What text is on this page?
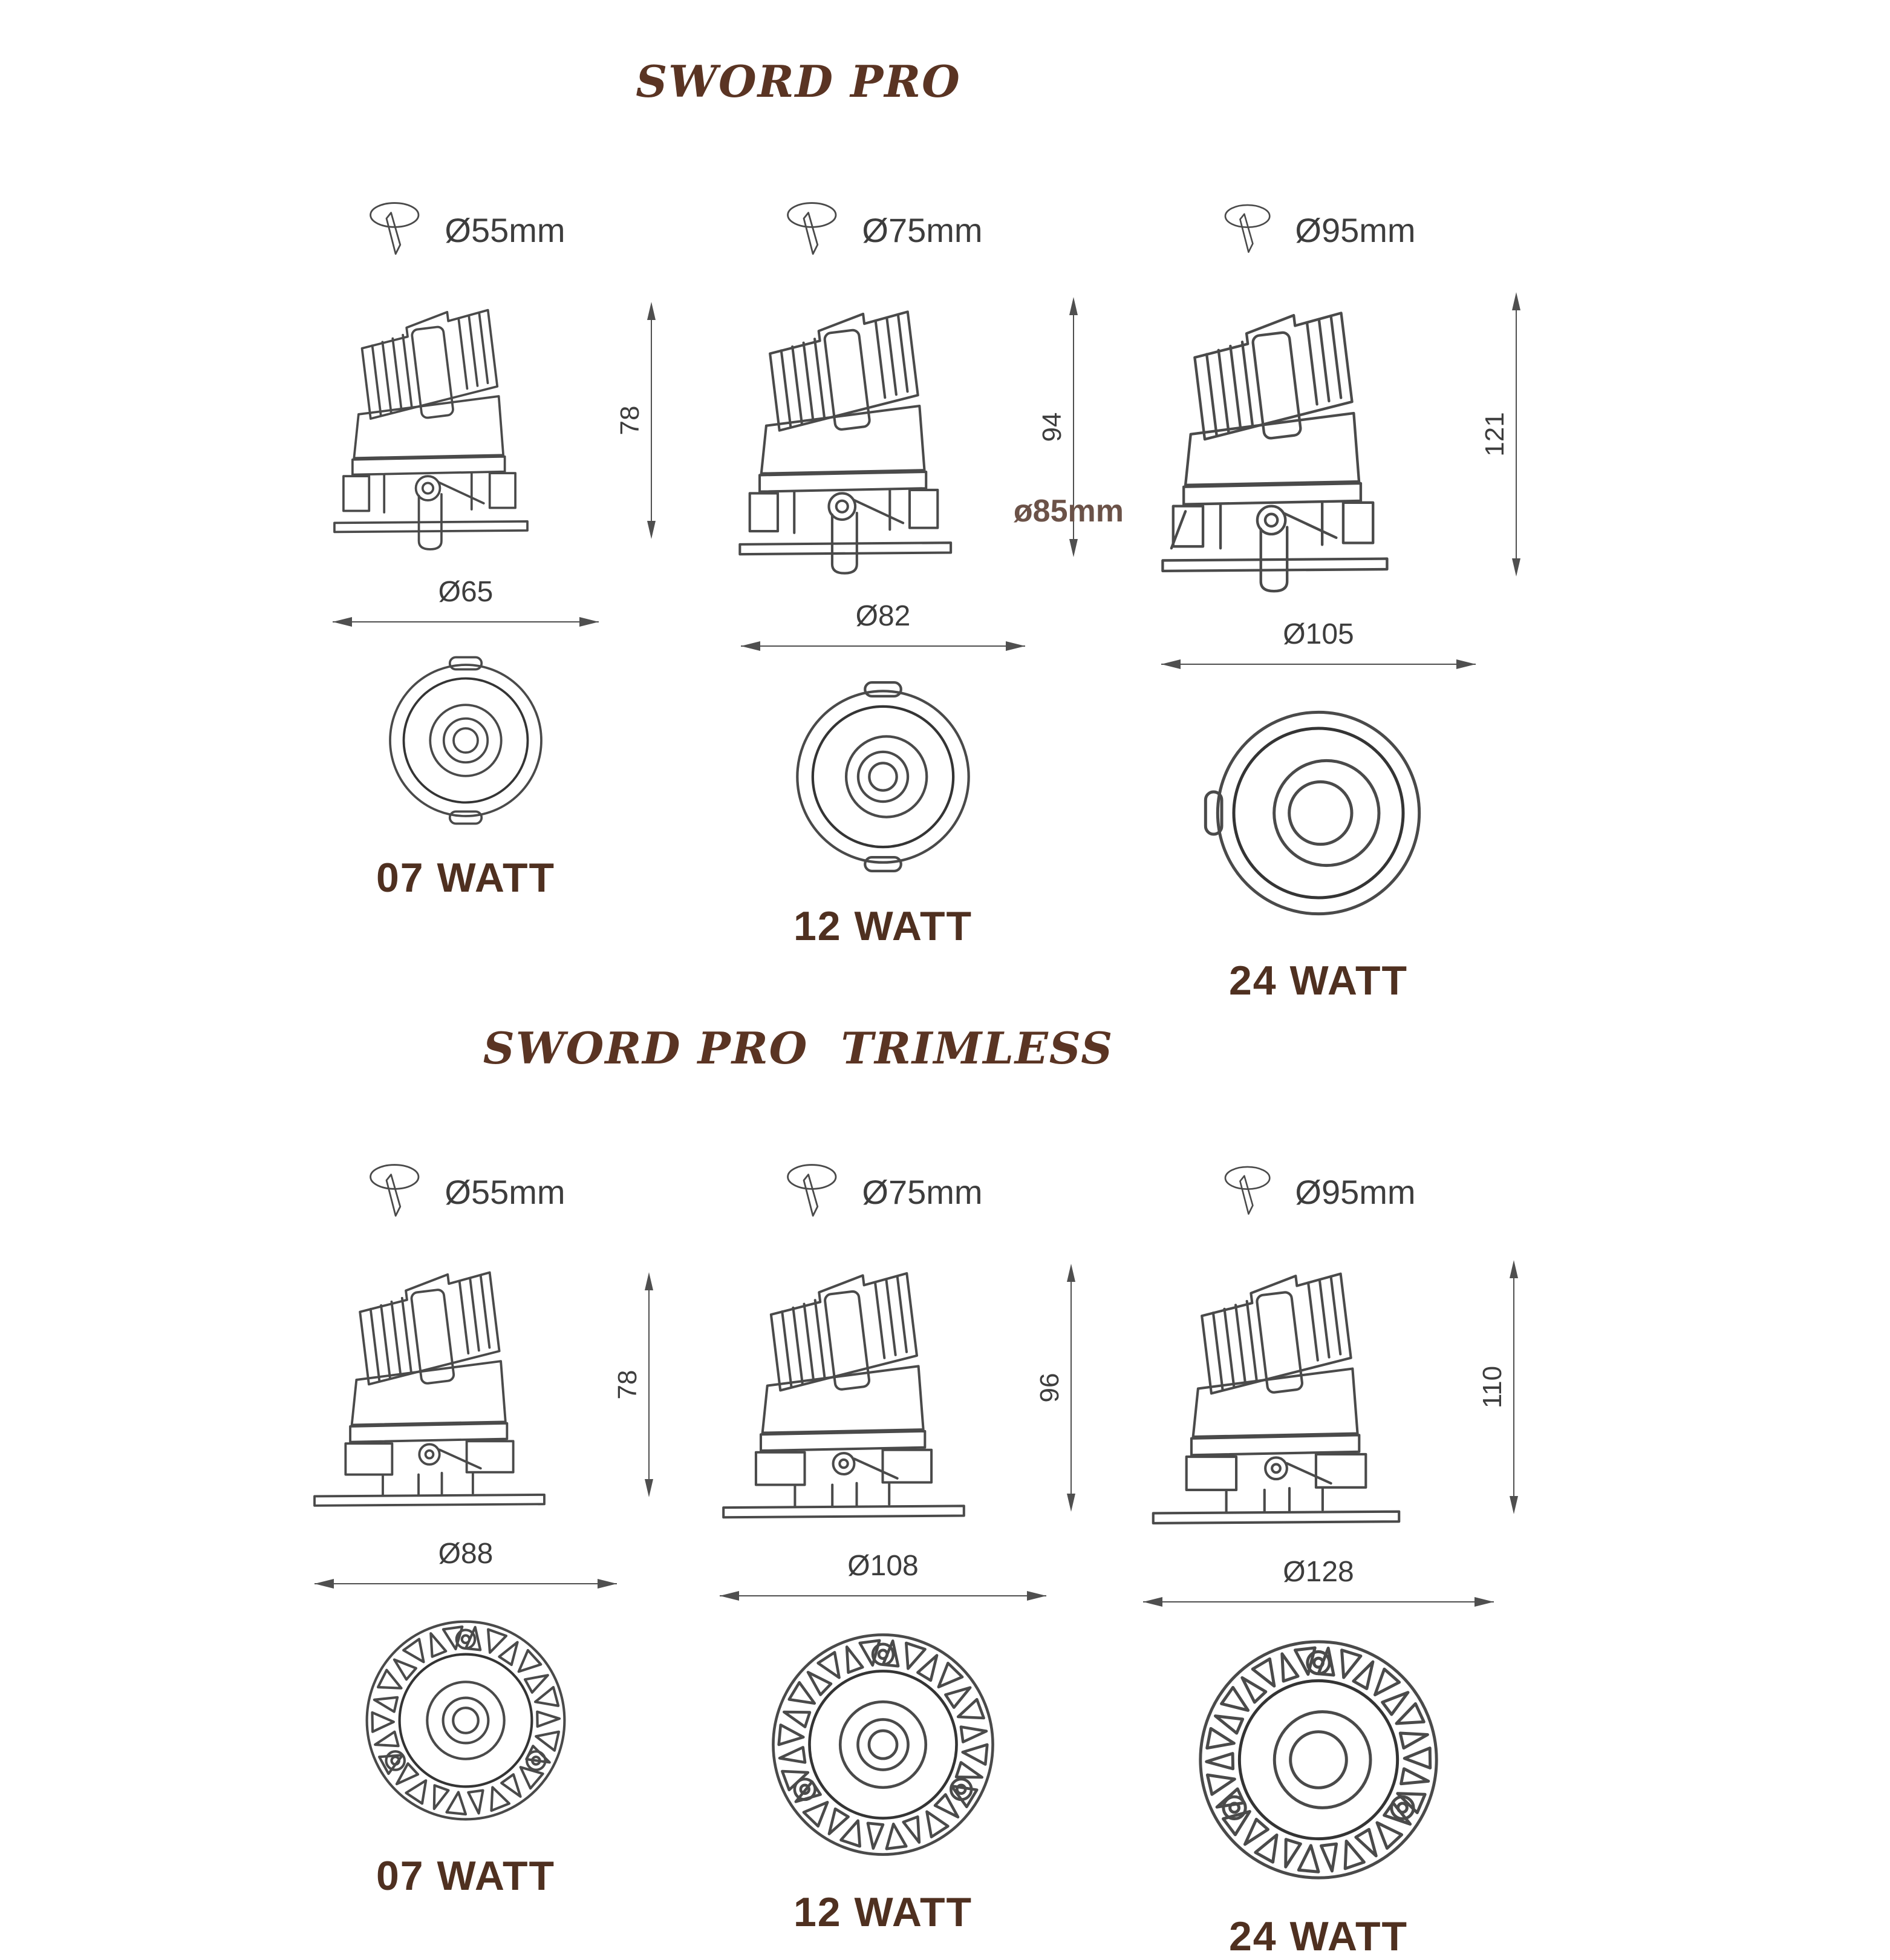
SWORD PRO
SWORD PRO  TRIMLESS
Ø55mm
78
Ø65
07 WATT
Ø75mm
94
ø85mm
Ø82
12 WATT
Ø95mm
121
Ø105
24 WATT
Ø55mm
78
Ø88
07 WATT
Ø75mm
96
Ø108
12 WATT
Ø95mm
110
Ø128
24 WATT
